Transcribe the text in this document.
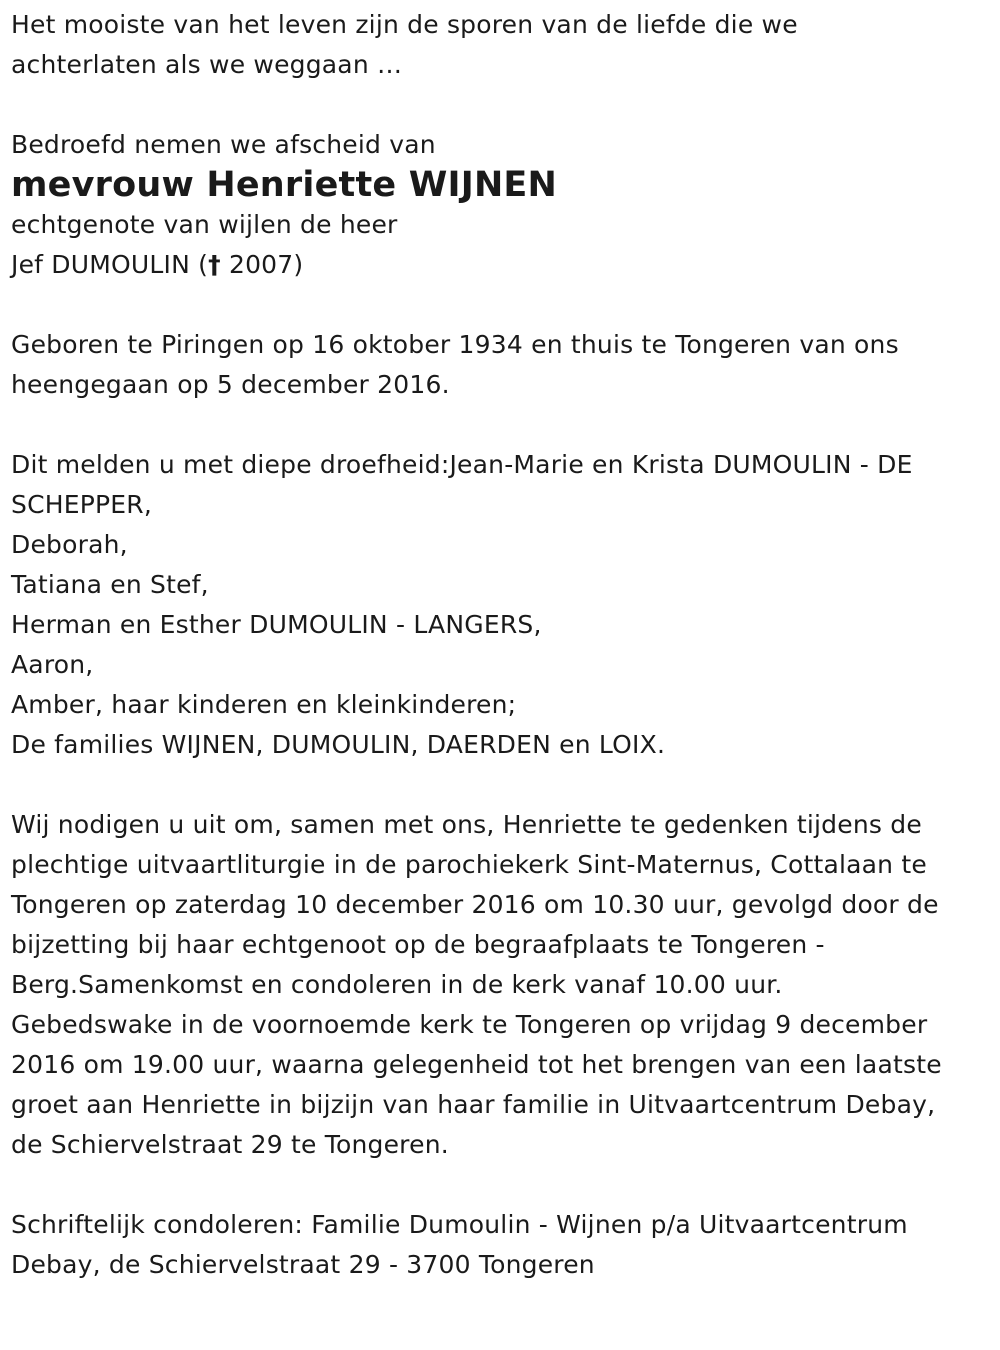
Het mooiste van het leven zijn de sporen van de liefde die we

achterlaten als we weggaan …

Bedroefd nemen we afscheid van

mevrouw Henriette WIJNEN

echtgenote van wijlen de heer

Jef DUMOULIN († 2007)

Geboren te Piringen op 16 oktober 1934 en thuis te Tongeren van ons

heengegaan op 5 december 2016.

Dit melden u met diepe droefheid:Jean-Marie en Krista DUMOULIN - DE

SCHEPPER,

Deborah,

Tatiana en Stef,

Herman en Esther DUMOULIN - LANGERS,

Aaron,

Amber, haar kinderen en kleinkinderen;

De families WIJNEN, DUMOULIN, DAERDEN en LOIX.

Wij nodigen u uit om, samen met ons, Henriette te gedenken tijdens de

plechtige uitvaartliturgie in de parochiekerk Sint-Maternus, Cottalaan te

Tongeren op zaterdag 10 december 2016 om 10.30 uur, gevolgd door de

bijzetting bij haar echtgenoot op de begraafplaats te Tongeren -

Berg.Samenkomst en condoleren in de kerk vanaf 10.00 uur.

Gebedswake in de voornoemde kerk te Tongeren op vrijdag 9 december

2016 om 19.00 uur, waarna gelegenheid tot het brengen van een laatste

groet aan Henriette in bijzijn van haar familie in Uitvaartcentrum Debay,

de Schiervelstraat 29 te Tongeren.

Schriftelijk condoleren: Familie Dumoulin - Wijnen p/a Uitvaartcentrum

Debay, de Schiervelstraat 29 - 3700 Tongeren
